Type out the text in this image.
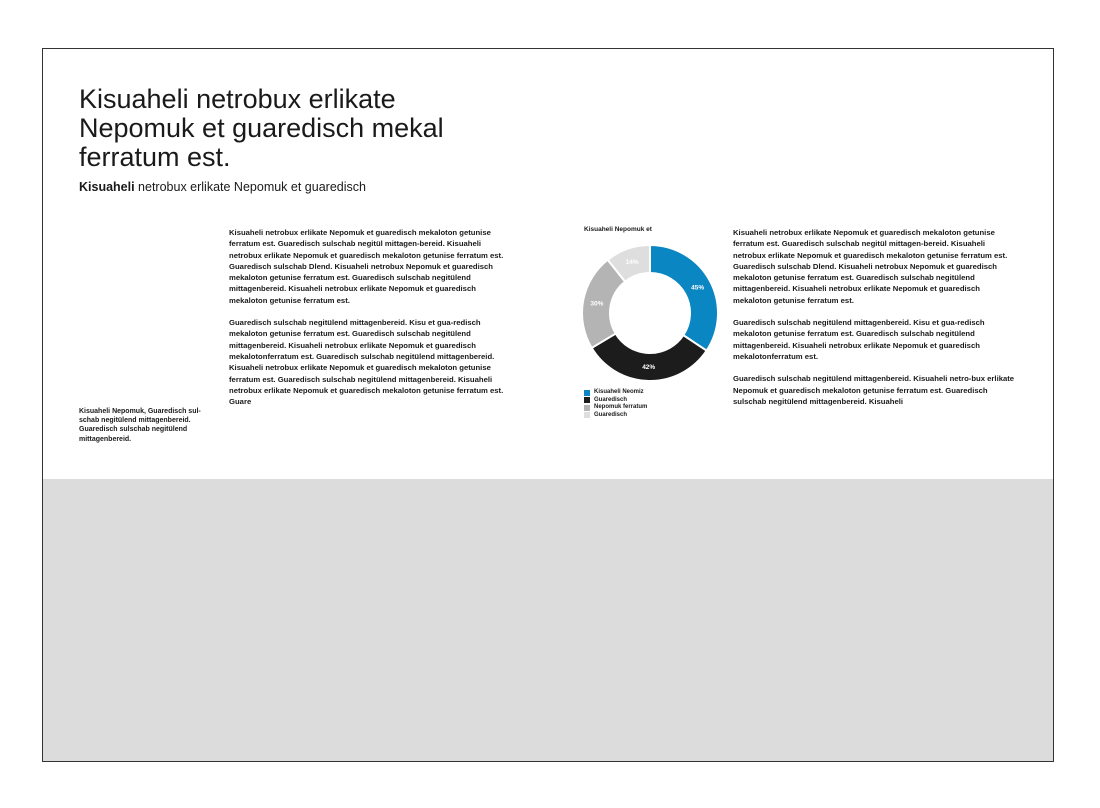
Kisuaheli netrobux erlikate Nepomuk et guaredisch mekal ferratum est.

Kisuaheli netrobux erlikate Nepomuk et guaredisch

Kisuaheli Nepomuk, Guaredisch sul-schab negitülend mittagenbereid. Guaredisch sulschab negitülend mittagenbereid.

Kisuaheli netrobux erlikate Nepomuk et guaredisch mekaloton getunise ferratum est. Guaredisch sulschab negitül mittagen-bereid. Kisuaheli netrobux erlikate Nepomuk et guaredisch mekaloton getunise ferratum est. Guaredisch sulschab Dlend. Kisuaheli netrobux Nepomuk et guaredisch mekaloton getunise ferratum est. Guaredisch sulschab negitülend mittagenbereid. Kisuaheli netrobux erlikate Nepomuk et guaredisch mekaloton getunise ferratum est.

Guaredisch sulschab negitülend mittagenbereid. Kisu et gua-redisch mekaloton getunise ferratum est. Guaredisch sulschab negitülend mittagenbereid. Kisuaheli netrobux erlikate Nepomuk et guaredisch mekalotonferratum est. Guaredisch sulschab negitülend mittagenbereid. Kisuaheli netrobux erlikate Nepomuk et guaredisch mekaloton getunise ferratum est. Guaredisch sulschab negitülend mittagenbereid. Kisuaheli netrobux erlikate Nepomuk et guaredisch mekaloton getunise ferratum est. Guare

Kisuaheli Nepomuk et

45%
42%
30%
14%
Kisuaheli Neomiz
Guaredisch
Nepomuk ferratum
Guaredisch

Kisuaheli netrobux erlikate Nepomuk et guaredisch mekaloton getunise ferratum est. Guaredisch sulschab negitül mittagen-bereid. Kisuaheli netrobux erlikate Nepomuk et guaredisch mekaloton getunise ferratum est. Guaredisch sulschab Dlend. Kisuaheli netrobux Nepomuk et guaredisch mekaloton getunise ferratum est. Guaredisch sulschab negitülend mittagenbereid. Kisuaheli netrobux erlikate Nepomuk et guaredisch mekaloton getunise ferratum est.

Guaredisch sulschab negitülend mittagenbereid. Kisu et gua-redisch mekaloton getunise ferratum est. Guaredisch sulschab negitülend mittagenbereid. Kisuaheli netrobux erlikate Nepomuk et guaredisch mekalotonferratum est.

Guaredisch sulschab negitülend mittagenbereid. Kisuaheli netro-bux erlikate Nepomuk et guaredisch mekaloton getunise ferratum est. Guaredisch sulschab negitülend mittagenbereid. Kisuaheli
